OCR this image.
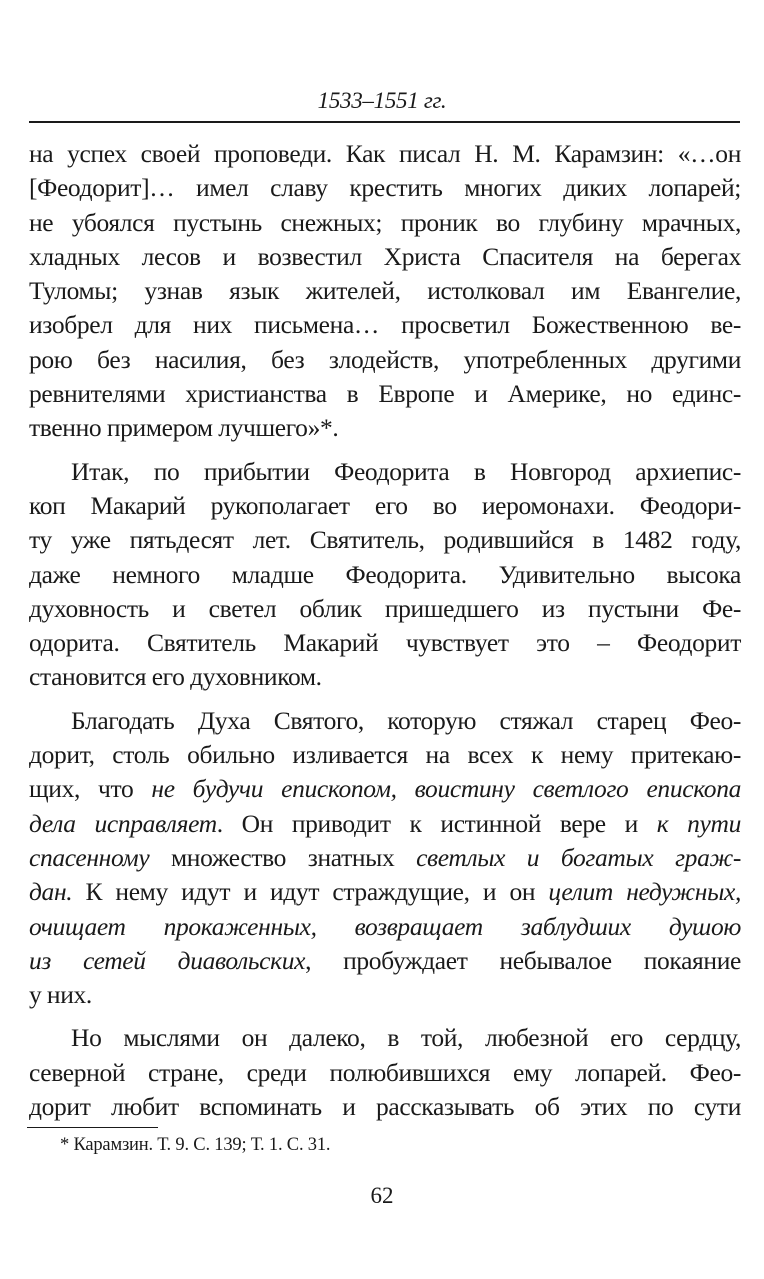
1533–1551 гг.
на успех своей проповеди. Как писал Н. М. Карамзин: «…он
[Феодорит]… имел славу крестить многих диких лопарей;
не убоялся пустынь снежных; проник во глубину мрачных,
хладных лесов и возвестил Христа Спасителя на берегах
Туломы; узнав язык жителей, истолковал им Евангелие,
изобрел для них письмена… просветил Божественною ве-
рою без насилия, без злодейств, употребленных другими
ревнителями христианства в Европе и Америке, но единс-
твенно примером лучшего»*.
Итак, по прибытии Феодорита в Новгород архиепис-
коп Макарий рукополагает его во иеромонахи. Феодори-
ту уже пятьдесят лет. Святитель, родившийся в 1482 году,
даже немного младше Феодорита. Удивительно высока
духовность и светел облик пришедшего из пустыни Фе-
одорита. Святитель Макарий чувствует это – Феодорит
становится его духовником.
Благодать Духа Святого, которую стяжал старец Фео-
дорит, столь обильно изливается на всех к нему притекаю-
щих, что не будучи епископом, воистину светлого епископа
дела исправляет. Он приводит к истинной вере и к пути
спасенному множество знатных светлых и богатых граж-
дан. К нему идут и идут страждущие, и он целит недужных,
очищает прокаженных, возвращает заблудших душою
из сетей диавольских, пробуждает небывалое покаяние
у них.
Но мыслями он далеко, в той, любезной его сердцу,
северной стране, среди полюбившихся ему лопарей. Фео-
дорит любит вспоминать и рассказывать об этих по сути
* Карамзин. Т. 9. С. 139; Т. 1. С. 31.
62
